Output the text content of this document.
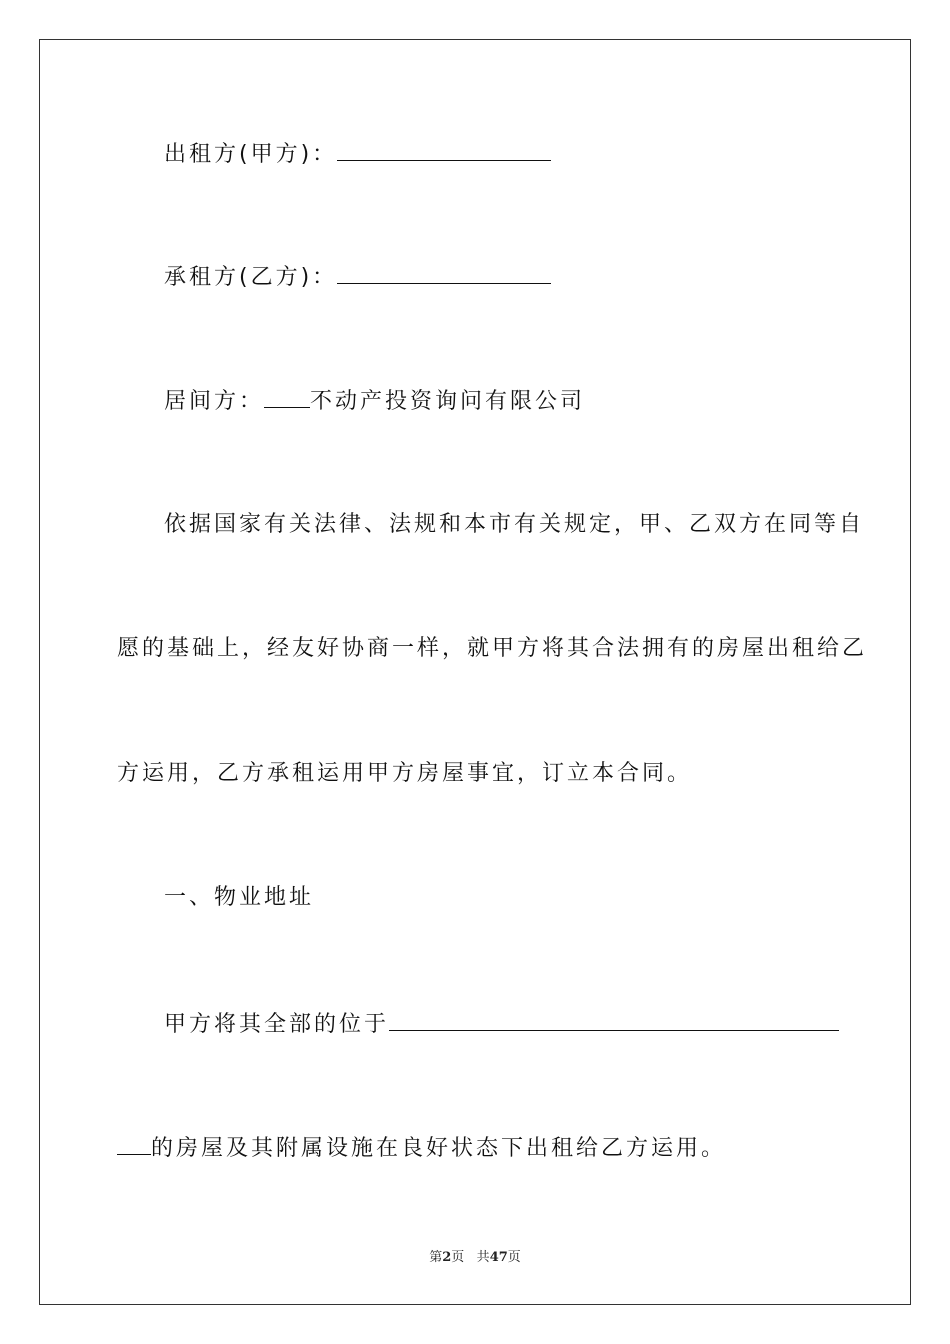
出租方(甲方)：
承租方(乙方)：
居间方： 不动产投资询问有限公司
依据国家有关法律、法规和本市有关规定，甲、乙双方在同等自
愿的基础上，经友好协商一样，就甲方将其合法拥有的房屋出租给乙
方运用，乙方承租运用甲方房屋事宜，订立本合同。
一、物业地址
甲方将其全部的位于
的房屋及其附属设施在良好状态下出租给乙方运用。
第2页 共47页
